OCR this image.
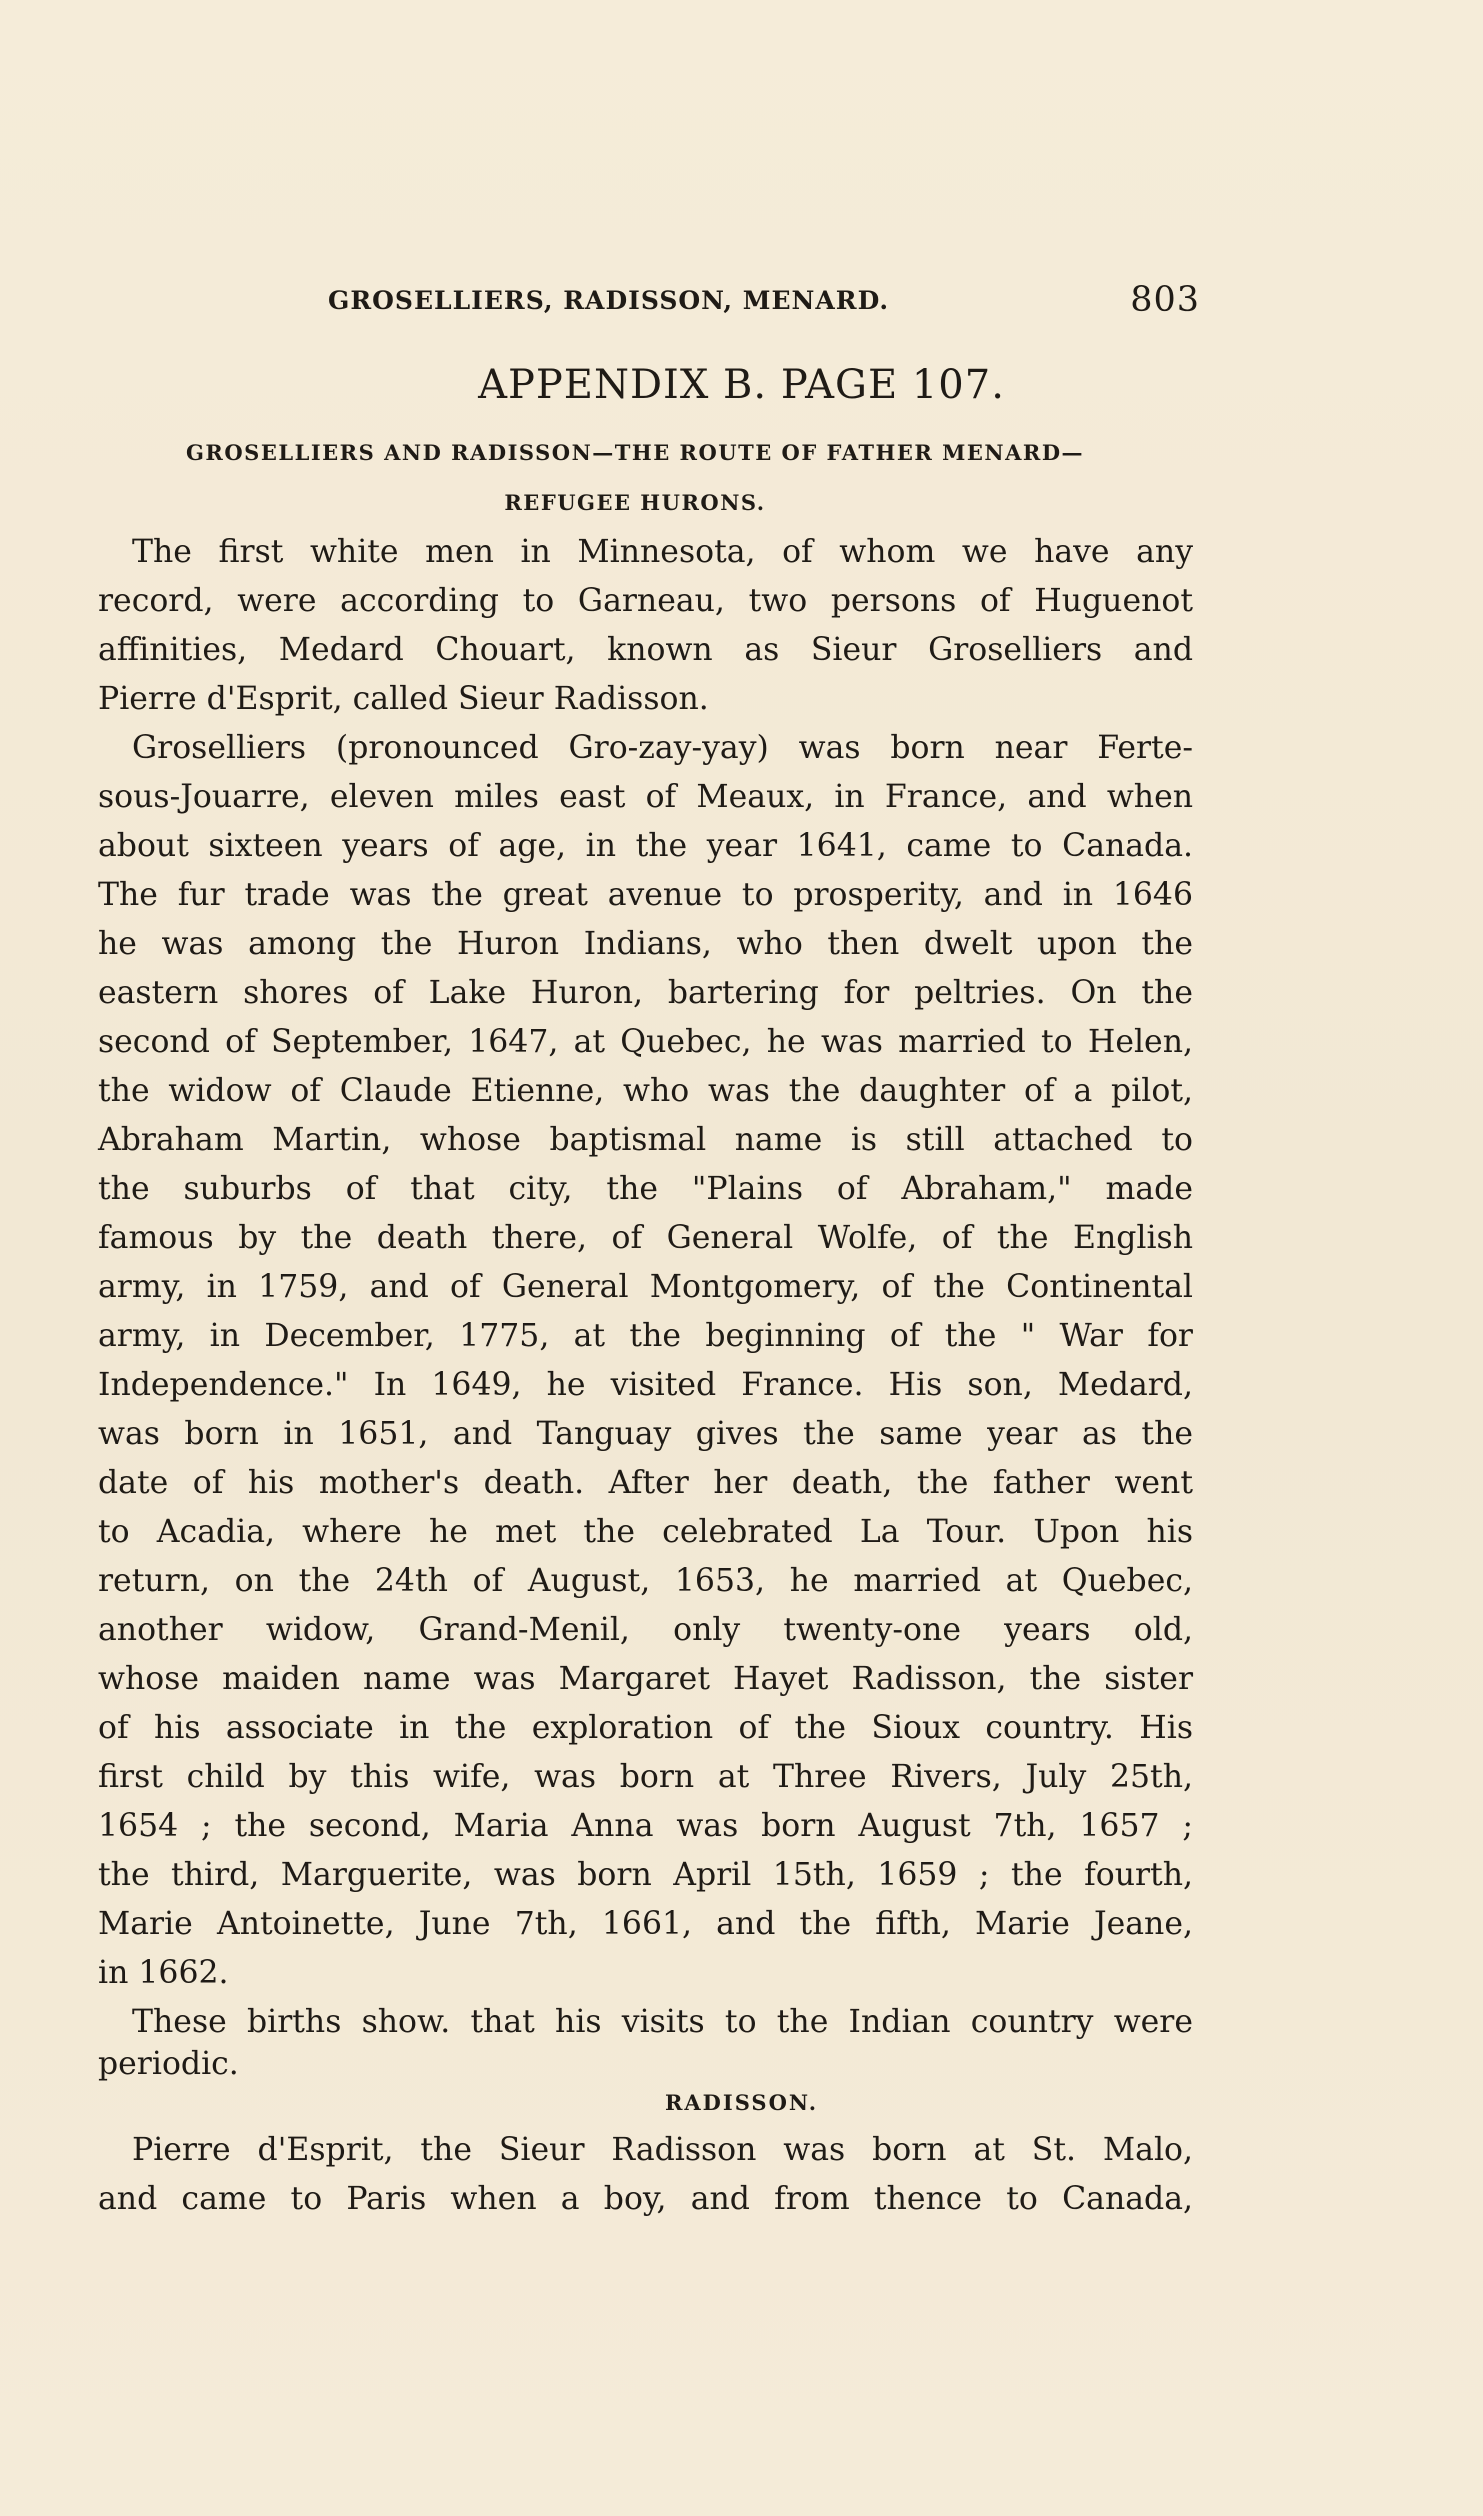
GROSELLIERS, RADISSON, MENARD.	803
APPENDIX B. PAGE 107.
GROSELLIERS AND RADISSON—THE ROUTE OF FATHER MENARD—
REFUGEE HURONS.
The first white men in Minnesota, of whom we have any
record, were according to Garneau, two persons of Huguenot
affinities, Medard Chouart, known as Sieur Groselliers and
Pierre d'Esprit, called Sieur Radisson.
Groselliers (pronounced Gro-zay-yay) was born near Ferte-
sous-Jouarre, eleven miles east of Meaux, in France, and when
about sixteen years of age, in the year 1641, came to Canada.
The fur trade was the great avenue to prosperity, and in 1646
he was among the Huron Indians, who then dwelt upon the
eastern shores of Lake Huron, bartering for peltries. On the
second of September, 1647, at Quebec, he was married to Helen,
the widow of Claude Etienne, who was the daughter of a pilot,
Abraham Martin, whose baptismal name is still attached to
the suburbs of that city, the "Plains of Abraham," made
famous by the death there, of General Wolfe, of the English
army, in 1759, and of General Montgomery, of the Continental
army, in December, 1775, at the beginning of the " War for
Independence." In 1649, he visited France. His son, Medard,
was born in 1651, and Tanguay gives the same year as the
date of his mother's death. After her death, the father went
to Acadia, where he met the celebrated La Tour. Upon his
return, on the 24th of August, 1653, he married at Quebec,
another widow, Grand-Menil, only twenty-one years old,
whose maiden name was Margaret Hayet Radisson, the sister
of his associate in the exploration of the Sioux country. His
first child by this wife, was born at Three Rivers, July 25th,
1654 ; the second, Maria Anna was born August 7th, 1657 ;
the third, Marguerite, was born April 15th, 1659 ; the fourth,
Marie Antoinette, June 7th, 1661, and the fifth, Marie Jeane,
in 1662.
These births show. that his visits to the Indian country were
RADISSON.
periodic.
Pierre d'Esprit, the Sieur Radisson was born at St. Malo,
and came to Paris when a boy, and from thence to Canada,
